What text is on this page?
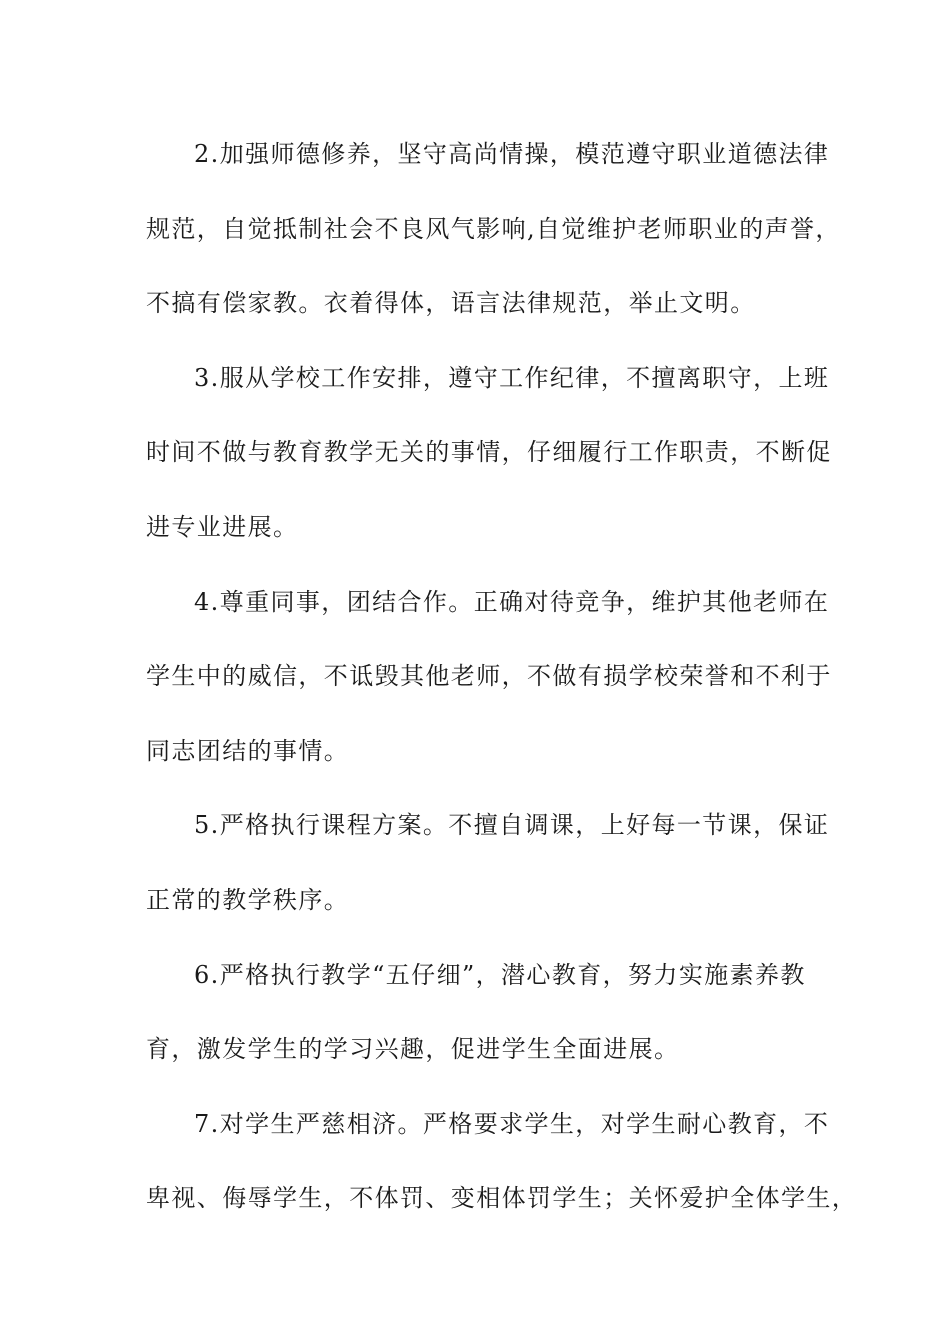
2.加强师德修养，坚守高尚情操，模范遵守职业道德法律
规范，自觉抵制社会不良风气影响,自觉维护老师职业的声誉，
不搞有偿家教。衣着得体，语言法律规范，举止文明。
3.服从学校工作安排，遵守工作纪律，不擅离职守，上班
时间不做与教育教学无关的事情，仔细履行工作职责，不断促
进专业进展。
4.尊重同事，团结合作。正确对待竞争，维护其他老师在
学生中的威信，不诋毁其他老师，不做有损学校荣誉和不利于
同志团结的事情。
5.严格执行课程方案。不擅自调课，上好每一节课，保证
正常的教学秩序。
6.严格执行教学“五仔细”，潜心教育，努力实施素养教
育，激发学生的学习兴趣，促进学生全面进展。
7.对学生严慈相济。严格要求学生，对学生耐心教育，不
卑视、侮辱学生，不体罚、变相体罚学生；关怀爱护全体学生，
